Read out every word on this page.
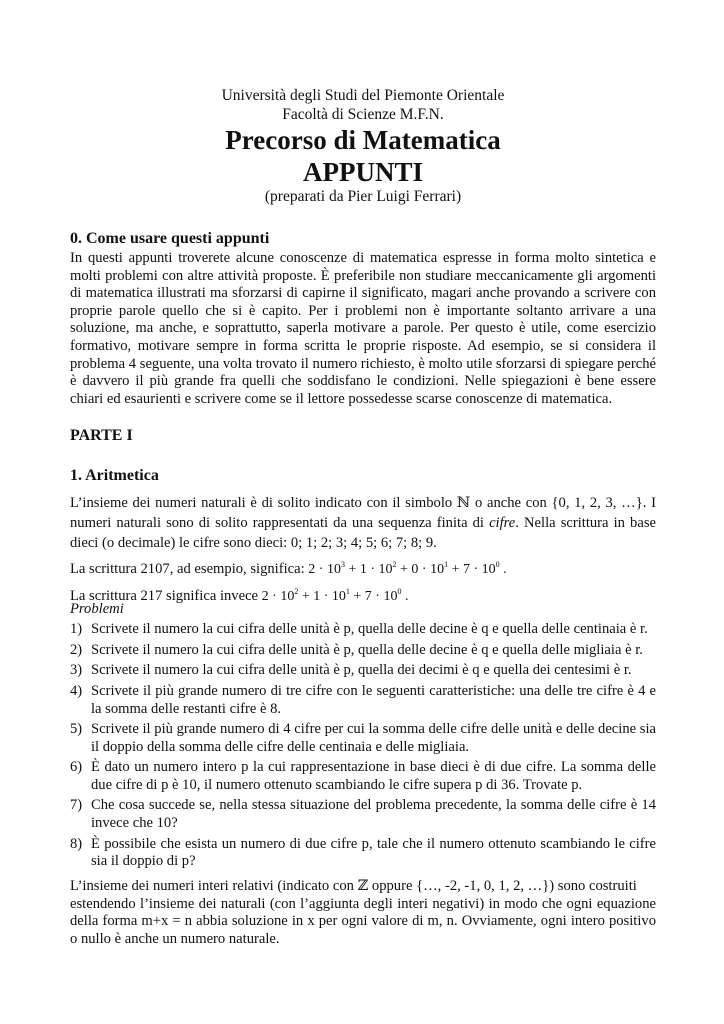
Università degli Studi del Piemonte Orientale
Facoltà di Scienze M.F.N.
Precorso di Matematica
APPUNTI
(preparati da Pier Luigi Ferrari)
0. Come usare questi appunti

In questi appunti troverete alcune conoscenze di matematica espresse in forma molto sintetica e molti problemi con altre attività proposte. È preferibile non studiare meccanicamente gli argomenti di matematica illustrati ma sforzarsi di capirne il significato, magari anche provando a scrivere con proprie parole quello che si è capito. Per i problemi non è importante soltanto arrivare a una soluzione, ma anche, e soprattutto, saperla motivare a parole. Per questo è utile, come esercizio formativo, motivare sempre in forma scritta le proprie risposte. Ad esempio, se si considera il problema 4 seguente, una volta trovato il numero richiesto, è molto utile sforzarsi di spiegare perché è davvero il più grande fra quelli che soddisfano le condizioni. Nelle spiegazioni è bene essere chiari ed esaurienti e scrivere come se il lettore possedesse scarse conoscenze di matematica.

PARTE I
1. Aritmetica

L’insieme dei numeri naturali è di solito indicato con il simbolo ℕ o anche con {0, 1, 2, 3, …}. I numeri naturali sono di solito rappresentati da una sequenza finita di cifre. Nella scrittura in base dieci (o decimale) le cifre sono dieci: 0; 1; 2; 3; 4; 5; 6; 7; 8; 9.

La scrittura 2107, ad esempio, significa: $2 \cdot 10^3 + 1 \cdot 10^2 + 0 \cdot 10^1 + 7 \cdot 10^0$ .

La scrittura 217 significa invece $2 \cdot 10^2 + 1 \cdot 10^1 + 7 \cdot 10^0$ .

Problemi
1) Scrivete il numero la cui cifra delle unità è p, quella delle decine è q e quella delle centinaia è r.
2) Scrivete il numero la cui cifra delle unità è p, quella delle decine è q e quella delle migliaia è r.
3) Scrivete il numero la cui cifra delle unità è p, quella dei decimi è q e quella dei centesimi è r.
4) Scrivete il più grande numero di tre cifre con le seguenti caratteristiche: una delle tre cifre è 4 e la somma delle restanti cifre è 8.
5) Scrivete il più grande numero di 4 cifre per cui la somma delle cifre delle unità e delle decine sia il doppio della somma delle cifre delle centinaia e delle migliaia.
6) È dato un numero intero p la cui rappresentazione in base dieci è di due cifre. La somma delle due cifre di p è 10, il numero ottenuto scambiando le cifre supera p di 36. Trovate p.
7) Che cosa succede se, nella stessa situazione del problema precedente, la somma delle cifre è 14 invece che 10?
8) È possibile che esista un numero di due cifre p, tale che il numero ottenuto scambiando le cifre sia il doppio di p?

L’insieme dei numeri interi relativi (indicato con ℤ oppure {…, -2, -1, 0, 1, 2, …}) sono costruiti

estendendo l’insieme dei naturali (con l’aggiunta degli interi negativi) in modo che ogni equazione della forma m+x = n abbia soluzione in x per ogni valore di m, n. Ovviamente, ogni intero positivo o nullo è anche un numero naturale.
